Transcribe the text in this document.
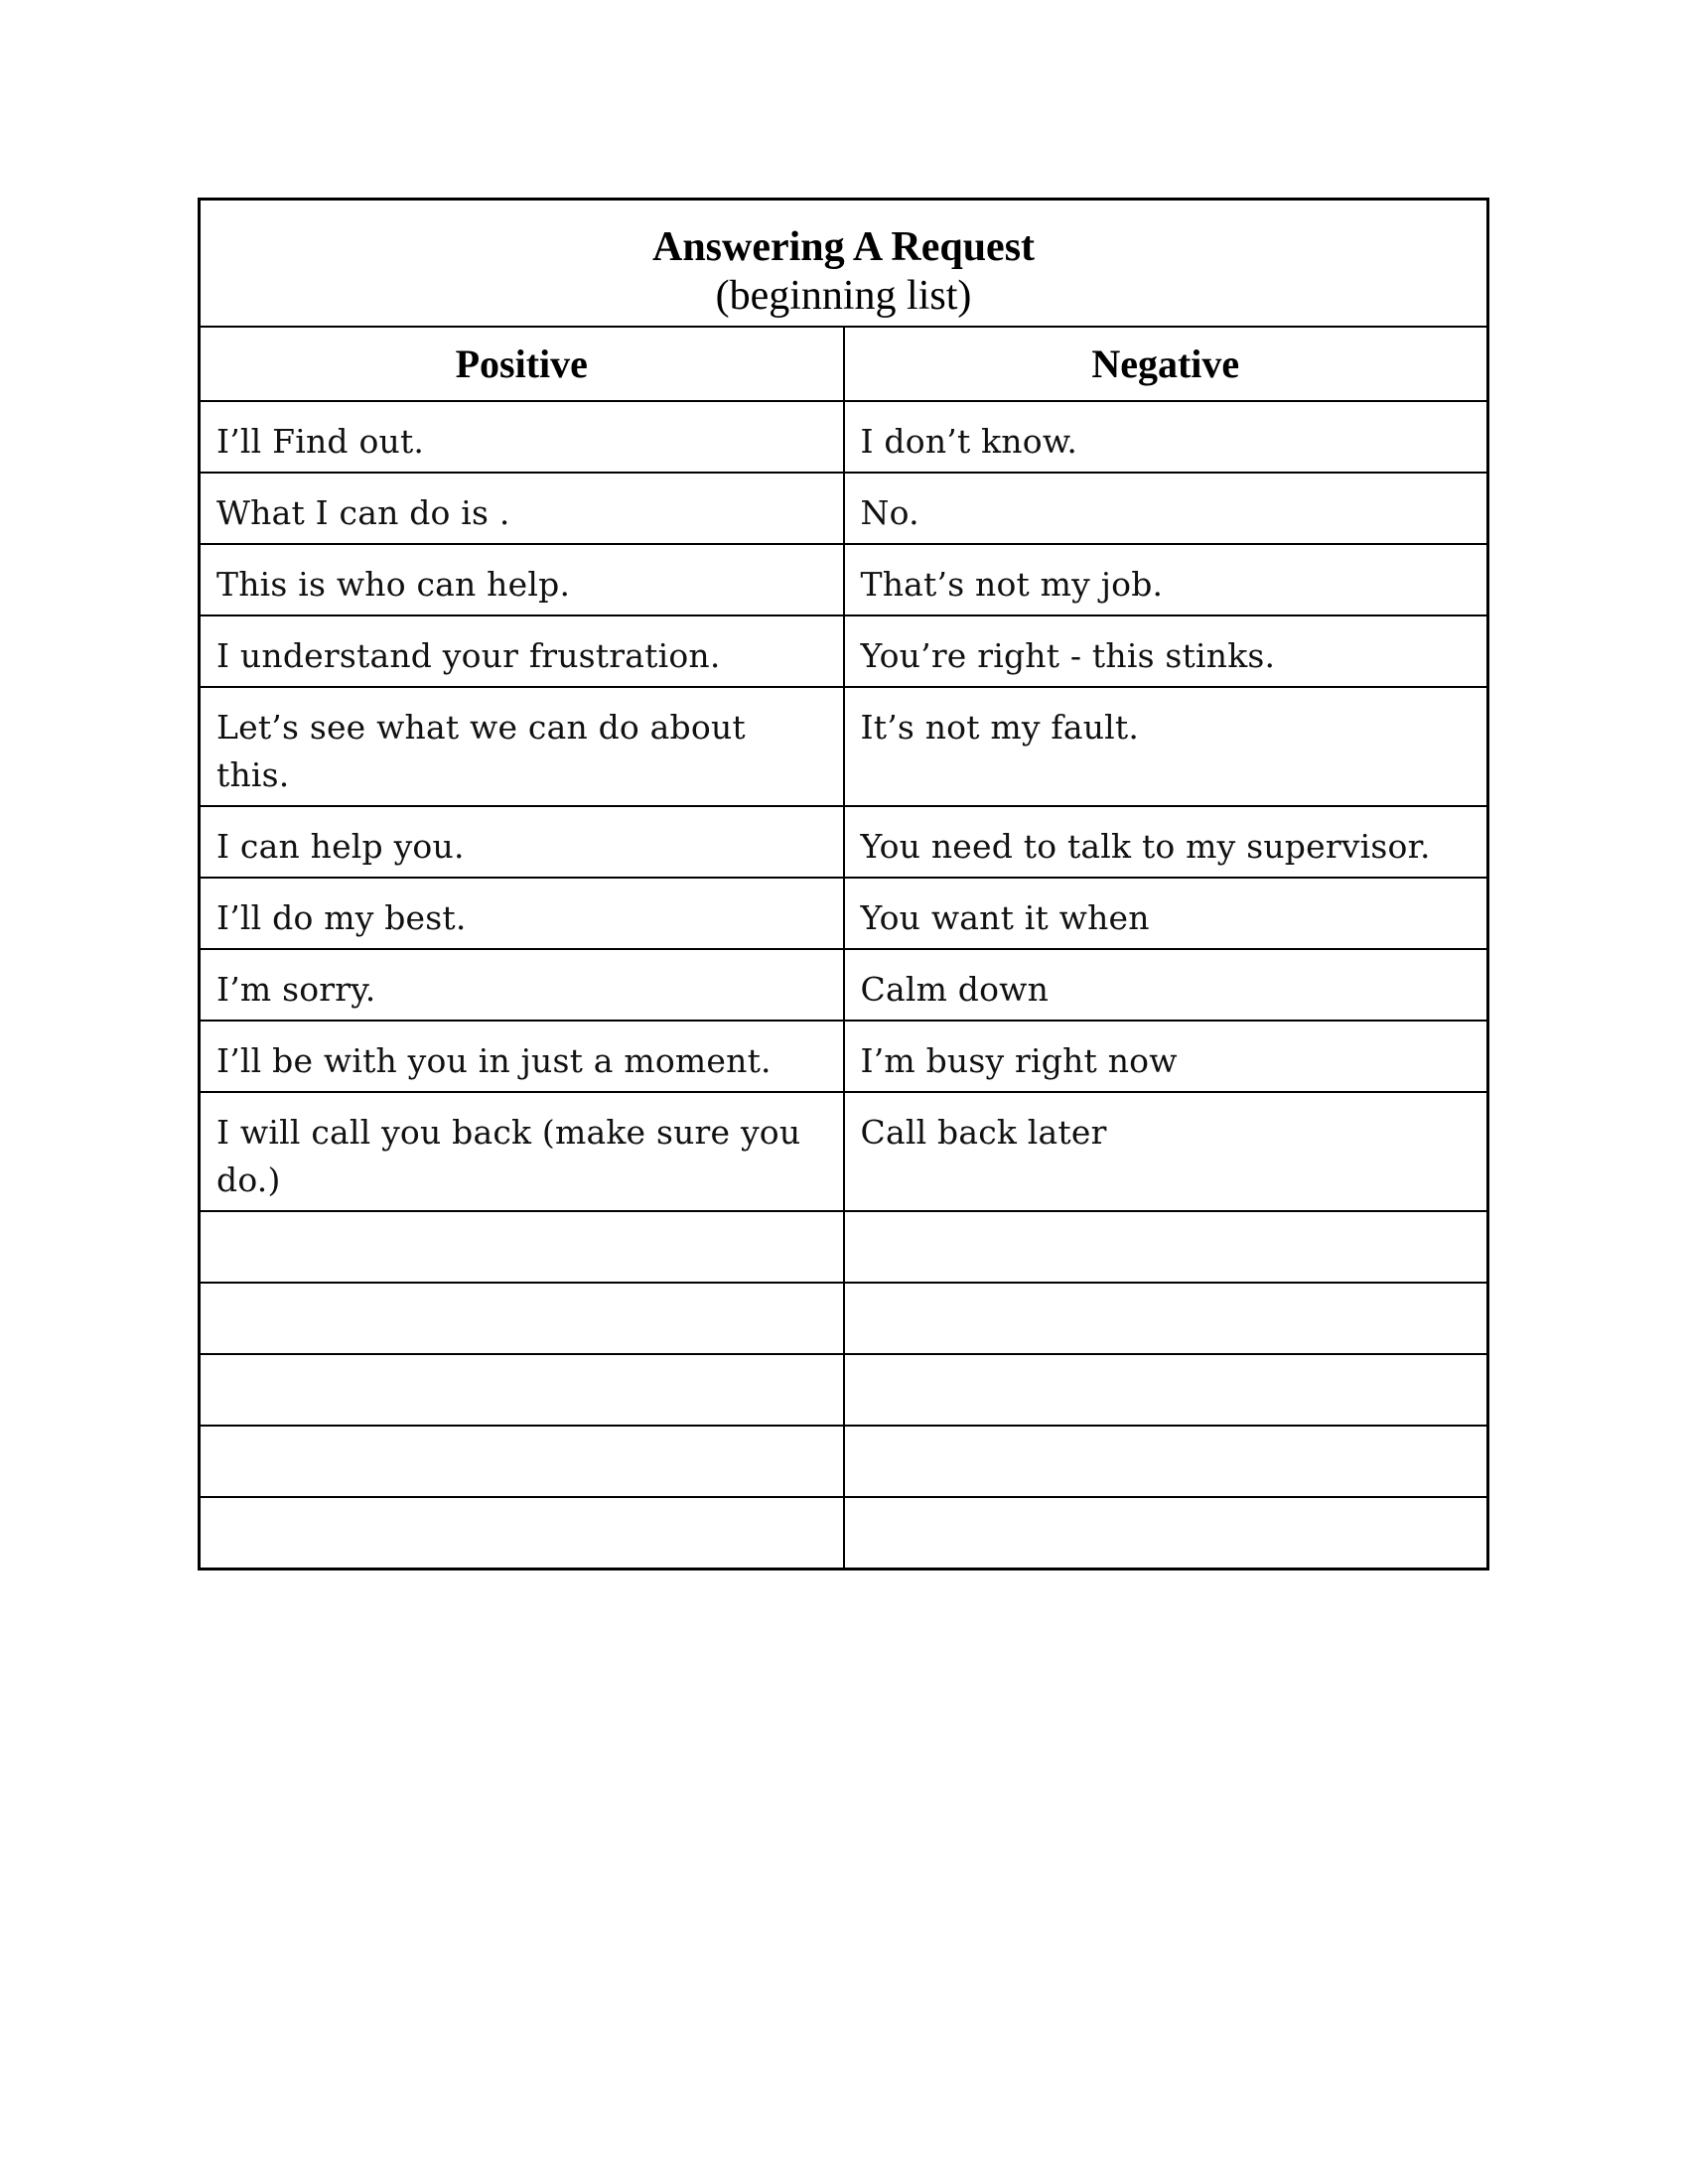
Answering A Request
(beginning list)	

Positive	Negative
I’ll Find out.	I don’t know.
What I can do is .	No.
This is who can help.	That’s not my job.
I understand your frustration.	You’re right - this stinks.
Let’s see what we can do about this.	It’s not my fault.
I can help you.	You need to talk to my supervisor.
I’ll do my best.	You want it when
I’m sorry.	Calm down
I’ll be with you in just a moment.	I’m busy right now
I will call you back (make sure you do.)	Call back later
